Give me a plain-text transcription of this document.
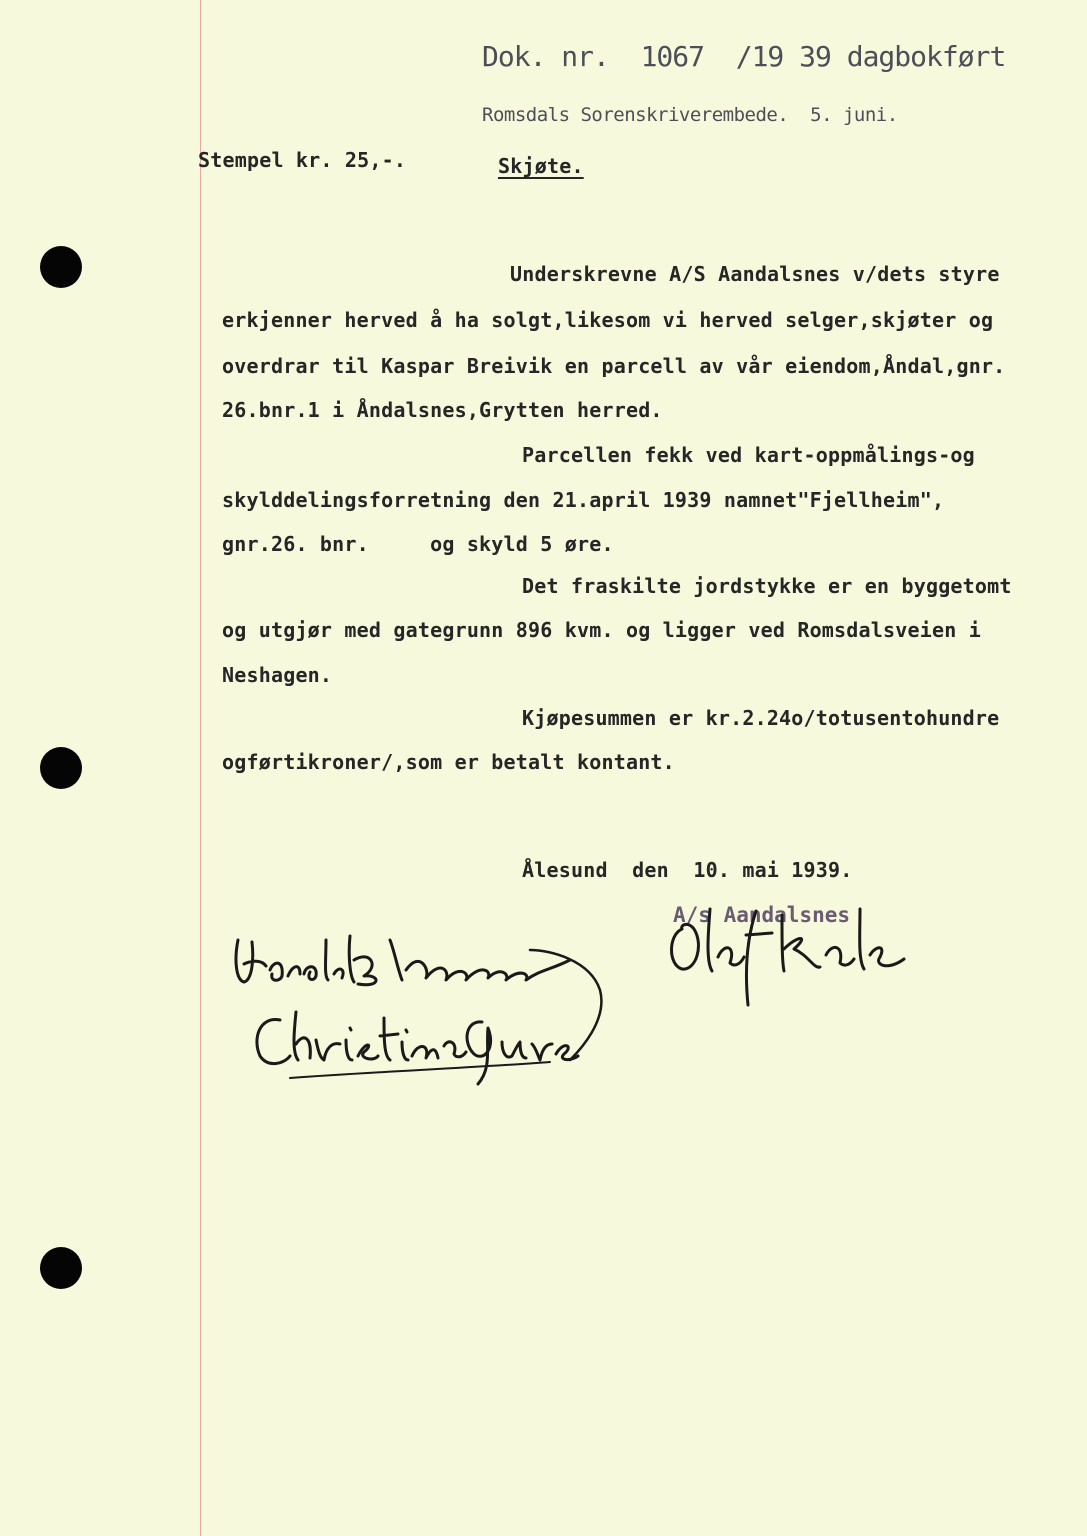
Dok. nr.  1067  /19 39 dagbokført
Romsdals Sorenskriverembede.  5. juni.
Stempel kr. 25,-.	Skjøte.
Underskrevne A/S Aandalsnes v/dets styre
erkjenner herved å ha solgt,likesom vi herved selger,skjøter og
overdrar til Kaspar Breivik en parcell av vår eiendom,Åndal,gnr.
26.bnr.1 i Åndalsnes,Grytten herred.
Parcellen fekk ved kart-oppmålings-og
skylddelingsforretning den 21.april 1939 namnet"Fjellheim",
gnr.26. bnr.     og skyld 5 øre.
Det fraskilte jordstykke er en byggetomt
og utgjør med gategrunn 896 kvm. og ligger ved Romsdalsveien i
Neshagen.
Kjøpesummen er kr.2.24o/totusentohundre
ogførtikroner/,som er betalt kontant.
Ålesund  den  10. mai 1939.
A/s Aandalsnes
